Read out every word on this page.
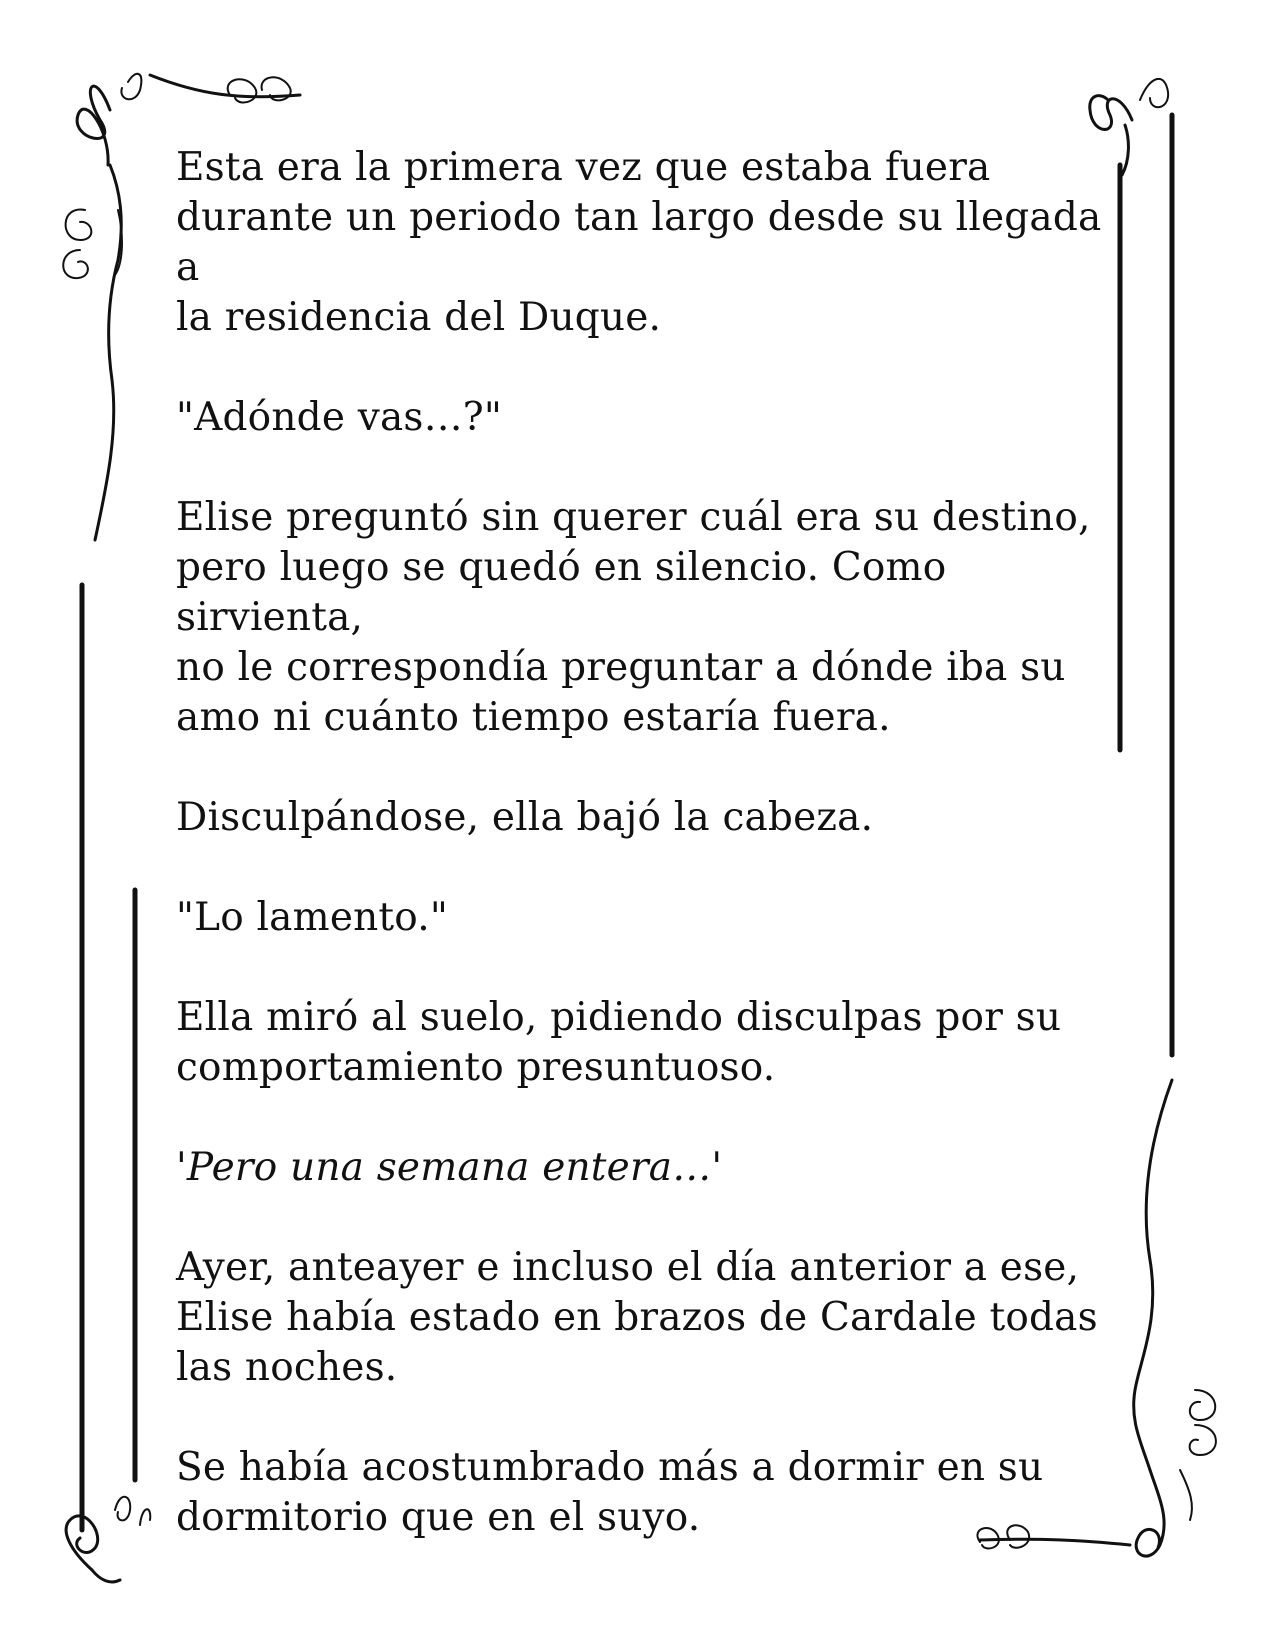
Esta era la primera vez que estaba fuera
durante un periodo tan largo desde su llegada a
la residencia del Duque.

"Adónde vas…?"

Elise preguntó sin querer cuál era su destino,
pero luego se quedó en silencio. Como sirvienta,
no le correspondía preguntar a dónde iba su
amo ni cuánto tiempo estaría fuera.

Disculpándose, ella bajó la cabeza.

"Lo lamento."

Ella miró al suelo, pidiendo disculpas por su
comportamiento presuntuoso.

'Pero una semana entera…'

Ayer, anteayer e incluso el día anterior a ese,
Elise había estado en brazos de Cardale todas
las noches.

Se había acostumbrado más a dormir en su
dormitorio que en el suyo.
